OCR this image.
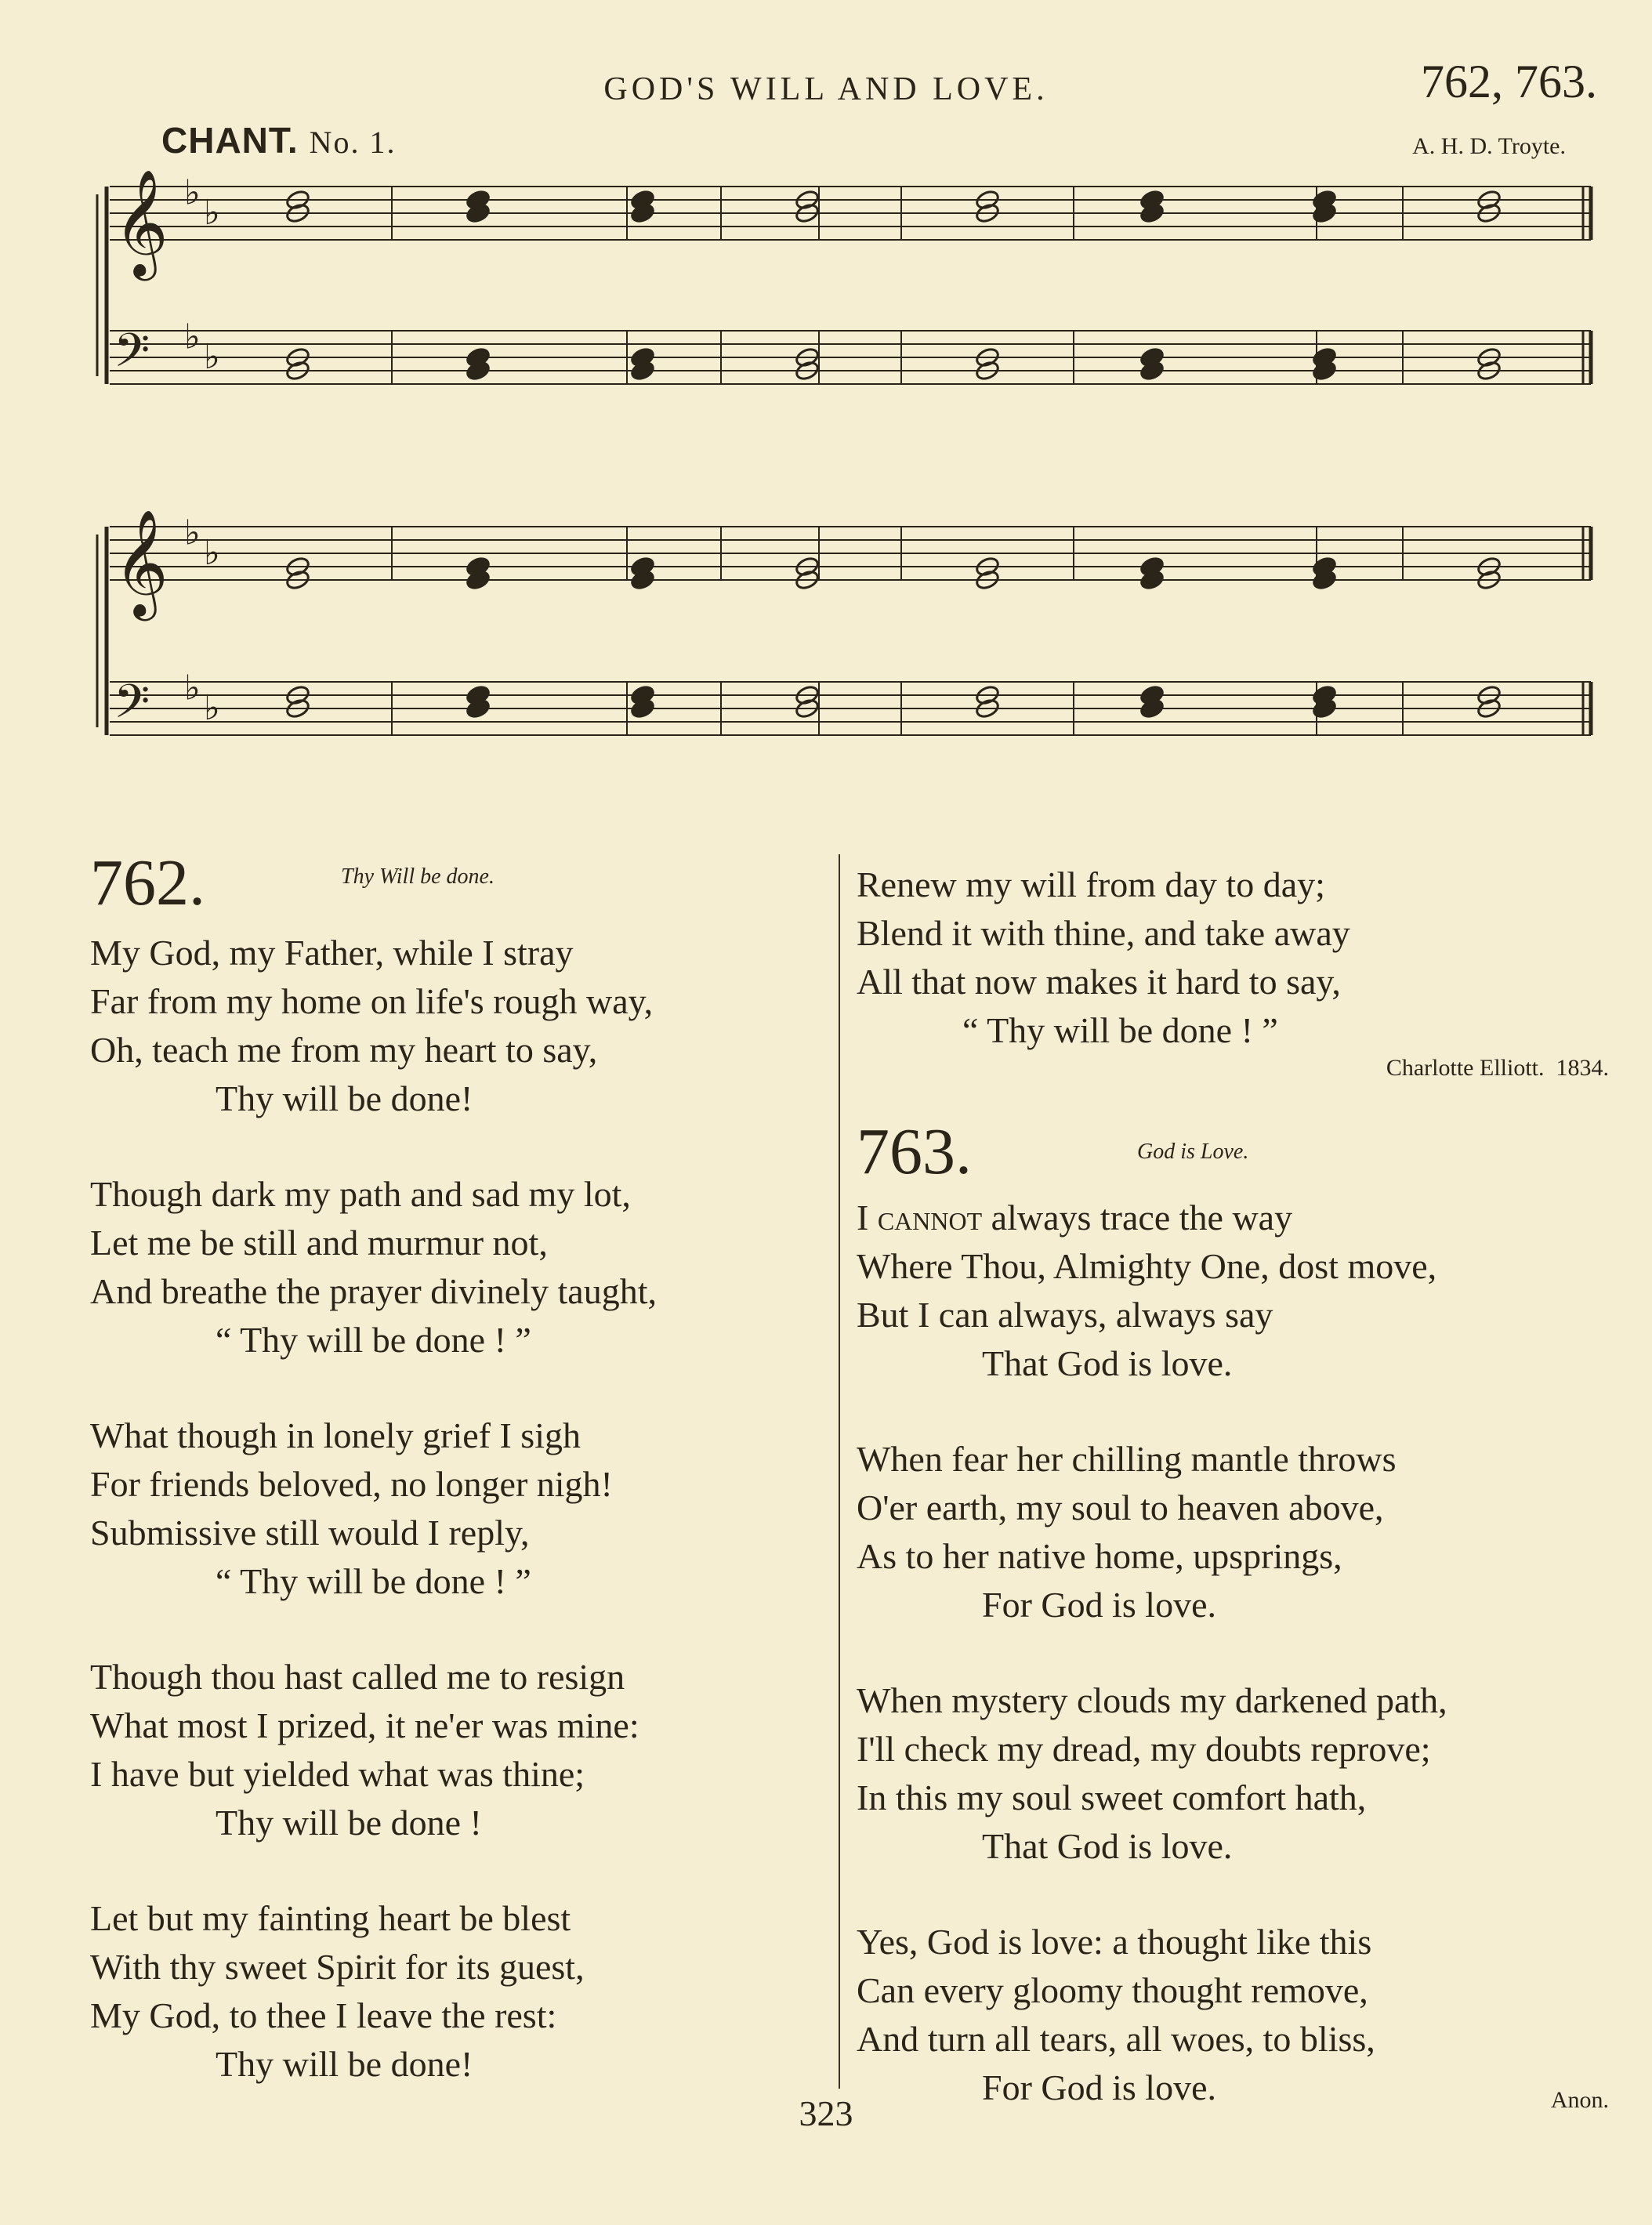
GOD'S WILL AND LOVE.	762, 763.
CHANT. No. 1.	A. H. D. Troyte.
𝄞 ♭ ♭
𝄢 ♭ ♭
𝄞 ♭ ♭
𝄢 ♭ ♭
762.	Thy Will be done.
My God, my Father, while I stray
Far from my home on life's rough way,
Oh, teach me from my heart to say,
Thy will be done!
Though dark my path and sad my lot,
Let me be still and murmur not,
And breathe the prayer divinely taught,
“ Thy will be done ! ”
What though in lonely grief I sigh
For friends beloved, no longer nigh!
Submissive still would I reply,
“ Thy will be done ! ”
Though thou hast called me to resign
What most I prized, it ne'er was mine:
I have but yielded what was thine;
Thy will be done !
Let but my fainting heart be blest
With thy sweet Spirit for its guest,
My God, to thee I leave the rest:
Thy will be done!
Renew my will from day to day;
Blend it with thine, and take away
All that now makes it hard to say,
“ Thy will be done ! ”
Charlotte Elliott. 1834.
763.	God is Love.
I cannot always trace the way
Where Thou, Almighty One, dost move,
But I can always, always say
That God is love.
When fear her chilling mantle throws
O'er earth, my soul to heaven above,
As to her native home, upsprings,
For God is love.
When mystery clouds my darkened path,
I'll check my dread, my doubts reprove;
In this my soul sweet comfort hath,
That God is love.
Yes, God is love: a thought like this
Can every gloomy thought remove,
And turn all tears, all woes, to bliss,
For God is love.	Anon.
323
